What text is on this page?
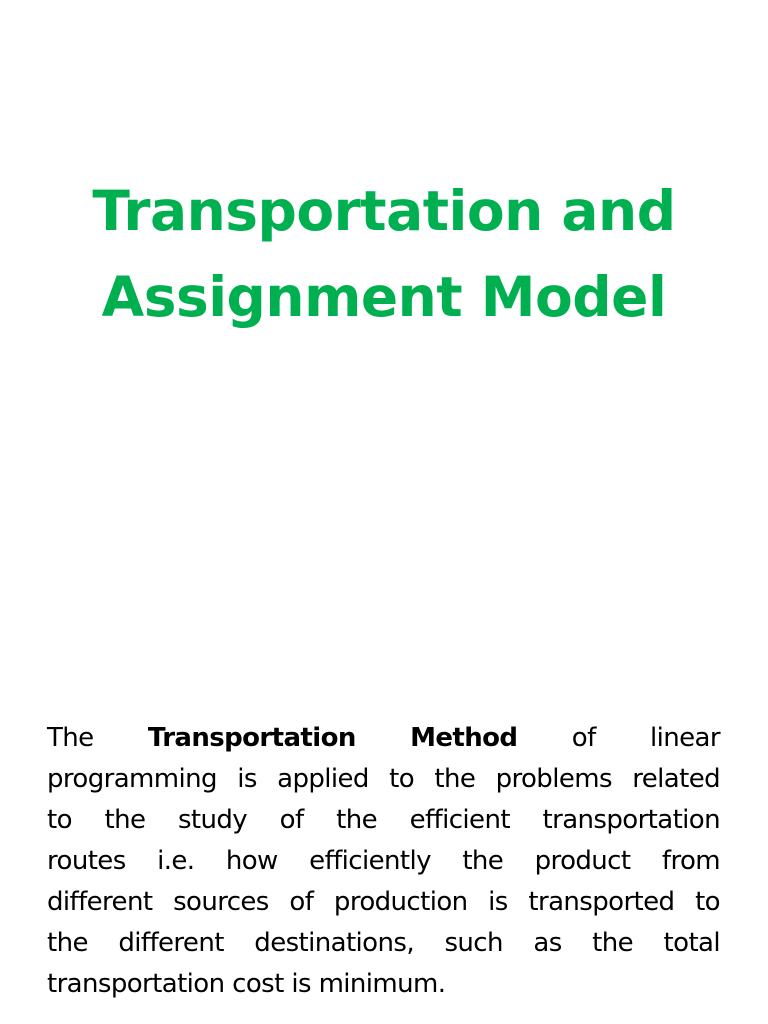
Transportation and
Assignment Model
The Transportation Method of linear
programming is applied to the problems related
to the study of the efficient transportation
routes i.e. how efficiently the product from
different sources of production is transported to
the different destinations, such as the total
transportation cost is minimum.
